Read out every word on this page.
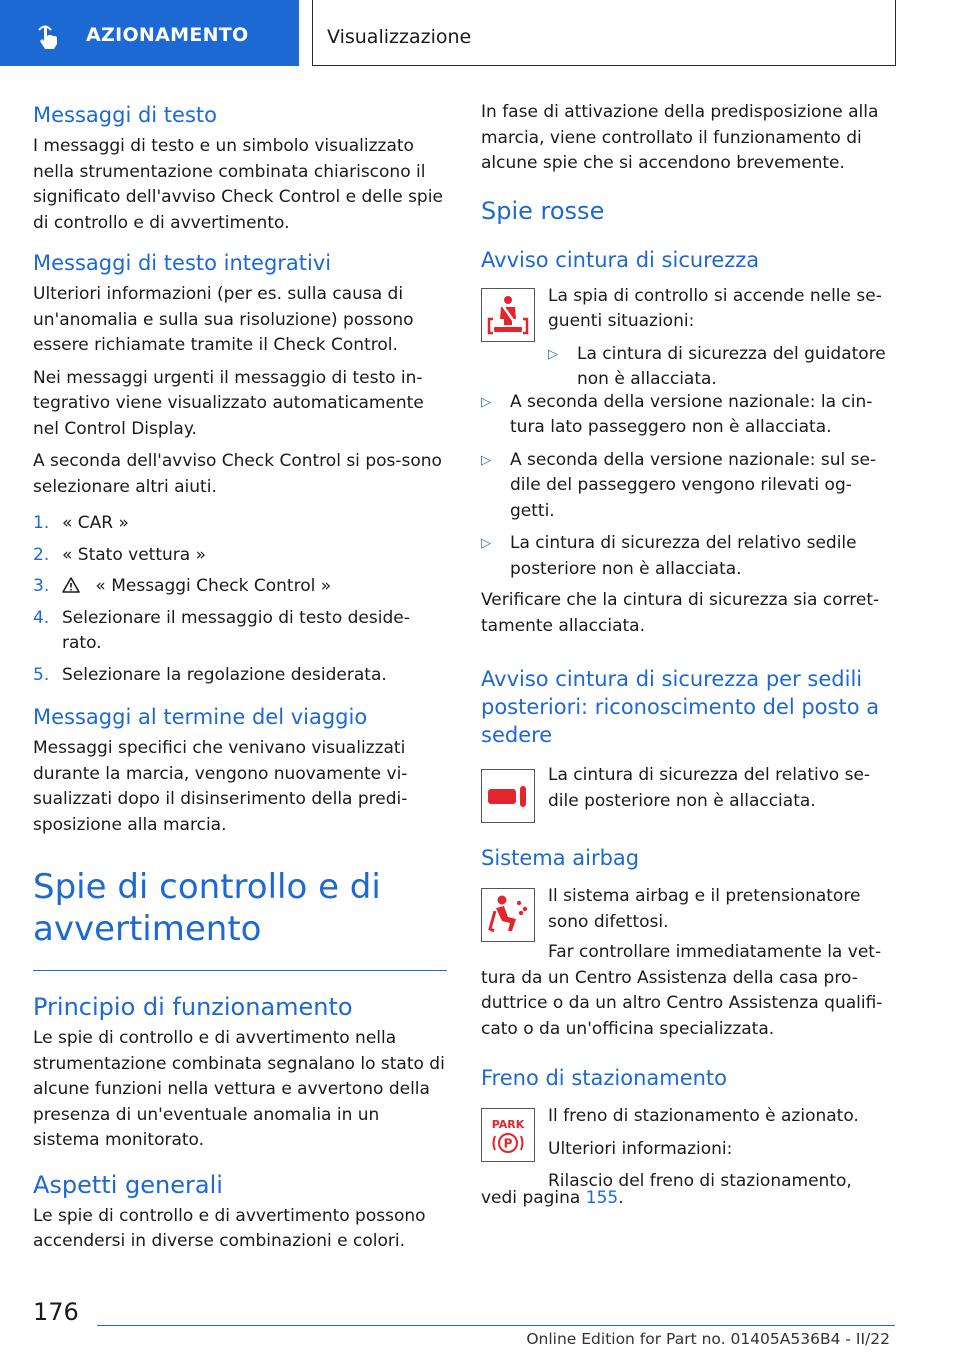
AZIONAMENTO	Visualizzazione
Messaggi di testo

I messaggi di testo e un simbolo visualizzato nella strumentazione combinata chiariscono il significato dell'avviso Check Control e delle spie di controllo e di avvertimento.

Messaggi di testo integrativi

Ulteriori informazioni (per es. sulla causa di un'anomalia e sulla sua risoluzione) possono essere richiamate tramite il Check Control.

Nei messaggi urgenti il messaggio di testo in-tegrativo viene visualizzato automaticamente nel Control Display.

A seconda dell'avviso Check Control si pos-sono selezionare altri aiuti.

1. « CAR »
2. « Stato vettura »
3.	« Messaggi Check Control »
4. Selezionare il messaggio di testo deside-rato.
5. Selezionare la regolazione desiderata.
Messaggi al termine del viaggio

Messaggi specifici che venivano visualizzati durante la marcia, vengono nuovamente vi-sualizzati dopo il disinserimento della predi-sposizione alla marcia.

Spie di controllo e di avvertimento
Principio di funzionamento

Le spie di controllo e di avvertimento nella strumentazione combinata segnalano lo stato di alcune funzioni nella vettura e avvertono della presenza di un'eventuale anomalia in un sistema monitorato.

Aspetti generali

Le spie di controllo e di avvertimento possono accendersi in diverse combinazioni e colori.

In fase di attivazione della predisposizione alla marcia, viene controllato il funzionamento di alcune spie che si accendono brevemente.

Spie rosse
Avviso cintura di sicurezza

La spia di controllo si accende nelle se-guenti situazioni:

▷ La cintura di sicurezza del guidatore non è allacciata.
▷ A seconda della versione nazionale: la cin-tura lato passeggero non è allacciata.
▷ A seconda della versione nazionale: sul se-dile del passeggero vengono rilevati og-getti.
▷ La cintura di sicurezza del relativo sedile posteriore non è allacciata.

Verificare che la cintura di sicurezza sia corret-tamente allacciata.

Avviso cintura di sicurezza per sedili posteriori: riconoscimento del posto a sedere

La cintura di sicurezza del relativo se-dile posteriore non è allacciata.

Sistema airbag

Il sistema airbag e il pretensionatore sono difettosi.

Far controllare immediatamente la vet-tura da un Centro Assistenza della casa pro-duttrice o da un altro Centro Assistenza qualifi-cato o da un'officina specializzata.

Freno di stazionamento
PARK
P

Il freno di stazionamento è azionato.

Ulteriori informazioni:

Rilascio del freno di stazionamento,

vedi pagina 155.

176
Online Edition for Part no. 01405A536B4 - II/22
